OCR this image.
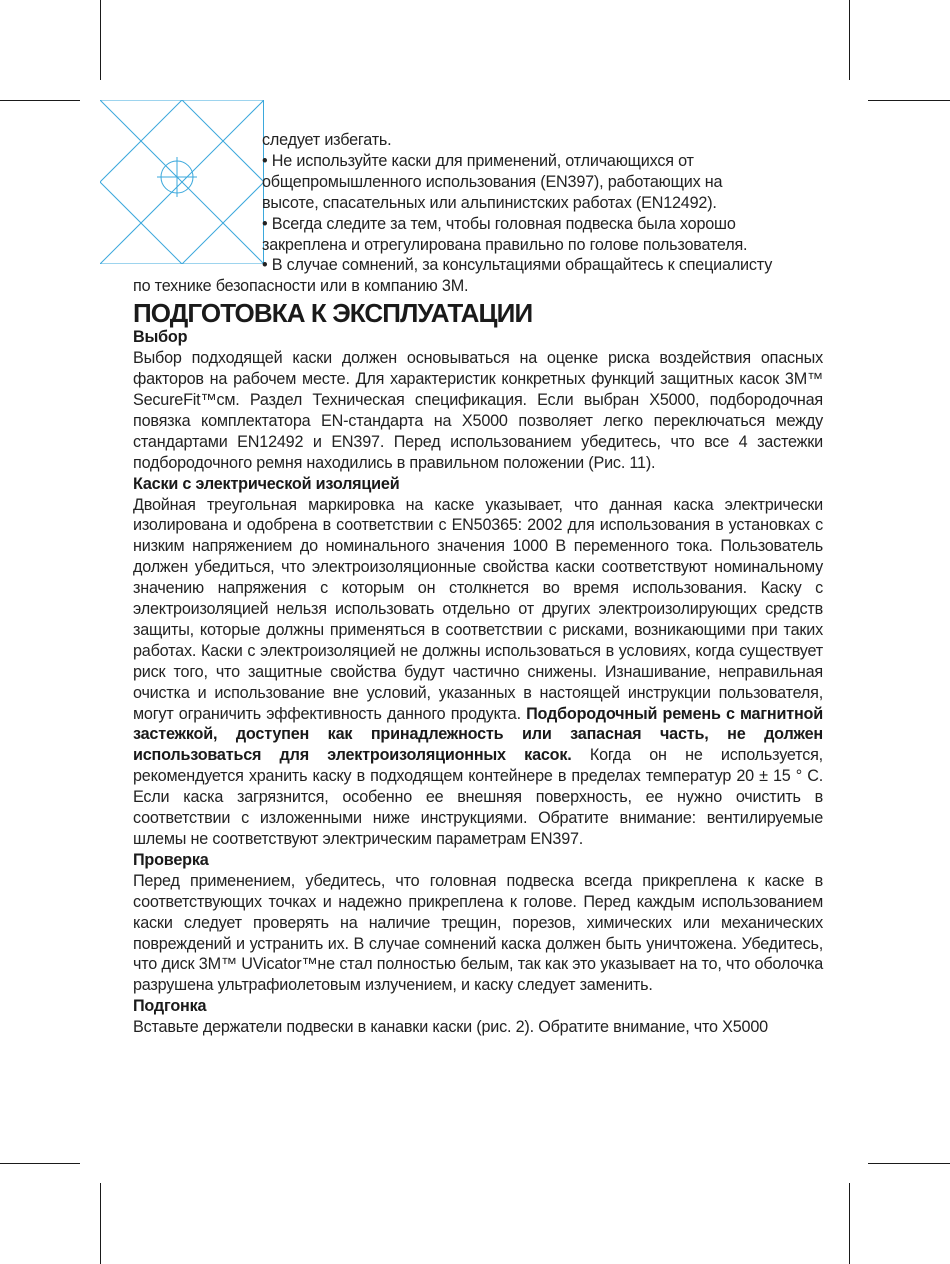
следует избегать.

• Не используйте каски для применений, отличающихся от

общепромышленного использования (EN397), работающих на

высоте, спасательных или альпинистских работах (EN12492).

• Всегда следите за тем, чтобы головная подвеска была хорошо

закреплена и отрегулирована правильно по голове пользователя.

• В случае сомнений, за консультациями обращайтесь к специалисту

по технике безопасности или в компанию 3M.

ПОДГОТОВКА К ЭКСПЛУАТАЦИИ

Выбор

Выбор подходящей каски должен основываться на оценке риска воздействия опасных факторов на рабочем месте. Для характеристик конкретных функций защитных касок 3M™ SecureFit™см. Раздел Техническая спецификация. Если выбран X5000, подбородочная повязка комплектатора EN-стандарта на X5000 позволяет легко переключаться между стандартами EN12492 и EN397. Перед использованием убедитесь, что все 4 застежки подбородочного ремня находились в правильном положении (Рис. 11).

Каски с электрической изоляцией

Двойная треугольная маркировка на каске указывает, что данная каска электрически изолирована и одобрена в соответствии с EN50365: 2002 для использования в установках с низким напряжением до номинального значения 1000 В переменного тока. Пользователь должен убедиться, что электроизоляционные свойства каски соответствуют номинальному значению напряжения с которым он столкнется во время использования. Каску с электроизоляцией нельзя использовать отдельно от других электроизолирующих средств защиты, которые должны применяться в соответствии с рисками, возникающими при таких работах. Каски с электроизоляцией не должны использоваться в условиях, когда существует риск того, что защитные свойства будут частично снижены. Изнашивание, неправильная очистка и использование вне условий, указанных в настоящей инструкции пользователя, могут ограничить эффективность данного продукта. Подбородочный ремень с магнитной застежкой, доступен как принадлежность или запасная часть, не должен использоваться для электроизоляционных касок. Когда он не используется, рекомендуется хранить каску в подходящем контейнере в пределах температур 20 ± 15 ° C. Если каска загрязнится, особенно ее внешняя поверхность, ее нужно очистить в соответствии с изложенными ниже инструкциями. Обратите внимание: вентилируемые шлемы не соответствуют электрическим параметрам EN397.

Проверка

Перед применением, убедитесь, что головная подвеска всегда прикреплена к каске в соответствующих точках и надежно прикреплена к голове. Перед каждым использованием каски следует проверять на наличие трещин, порезов, химических или механических повреждений и устранить их. В случае сомнений каска должен быть уничтожена. Убедитесь, что диск 3M™ UVicator™не стал полностью белым, так как это указывает на то, что оболочка разрушена ультрафиолетовым излучением, и каску следует заменить.

Подгонка

Вставьте держатели подвески в канавки каски (рис. 2). Обратите внимание, что X5000
